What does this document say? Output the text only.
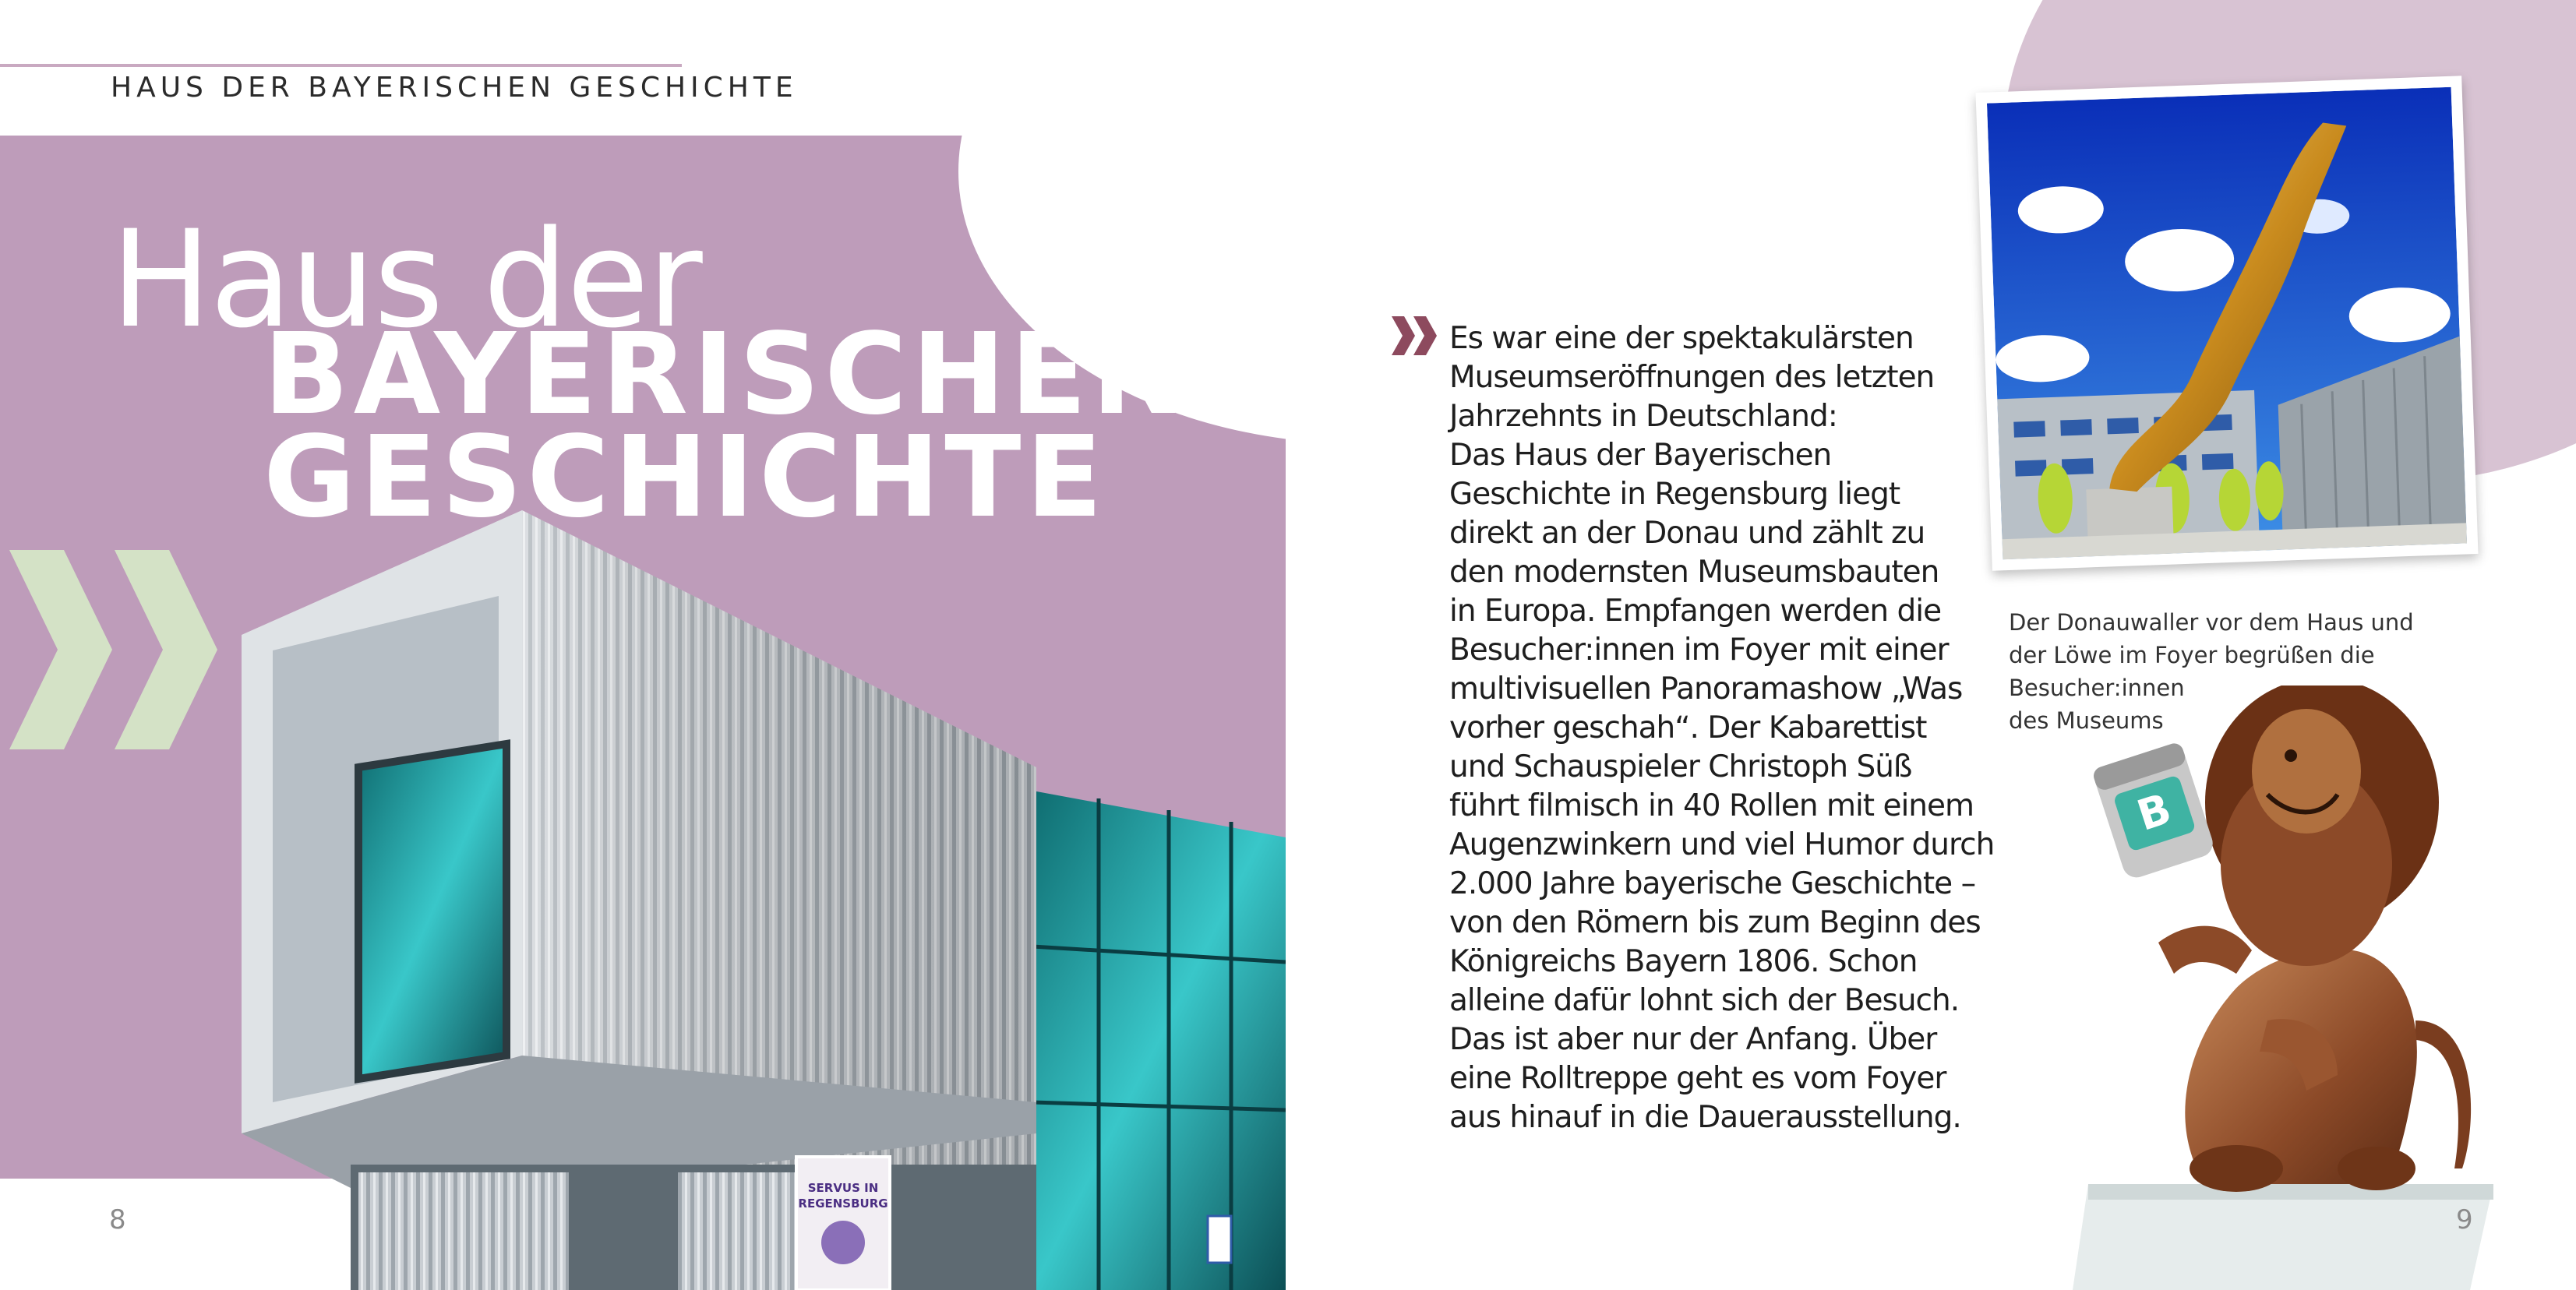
HAUS DER BAYERISCHEN GESCHICHTE
Haus der
BAYERISCHEN
GESCHICHTE
SERVUS IN
REGENSBURG
8

Es war eine der spektakulärsten
Museumseröffnungen des letzten
Jahrzehnts in Deutschland:
Das Haus der Bayerischen
Geschichte in Regensburg liegt
direkt an der Donau und zählt zu
den modernsten Museumsbauten
in Europa. Empfangen werden die
Besucher:innen im Foyer mit einer
multivisuellen Panoramashow „Was
vorher geschah“. Der Kabarettist
und Schauspieler Christoph Süß
führt filmisch in 40 Rollen mit einem
Augenzwinkern und viel Humor durch
2.000 Jahre bayerische Geschichte –
von den Römern bis zum Beginn des
Königreichs Bayern 1806. Schon
alleine dafür lohnt sich der Besuch.
Das ist aber nur der Anfang. Über
eine Rolltreppe geht es vom Foyer
aus hinauf in die Dauerausstellung.

Der Donauwaller vor dem Haus und
der Löwe im Foyer begrüßen die
Besucher:innen
des Museums
B
9
